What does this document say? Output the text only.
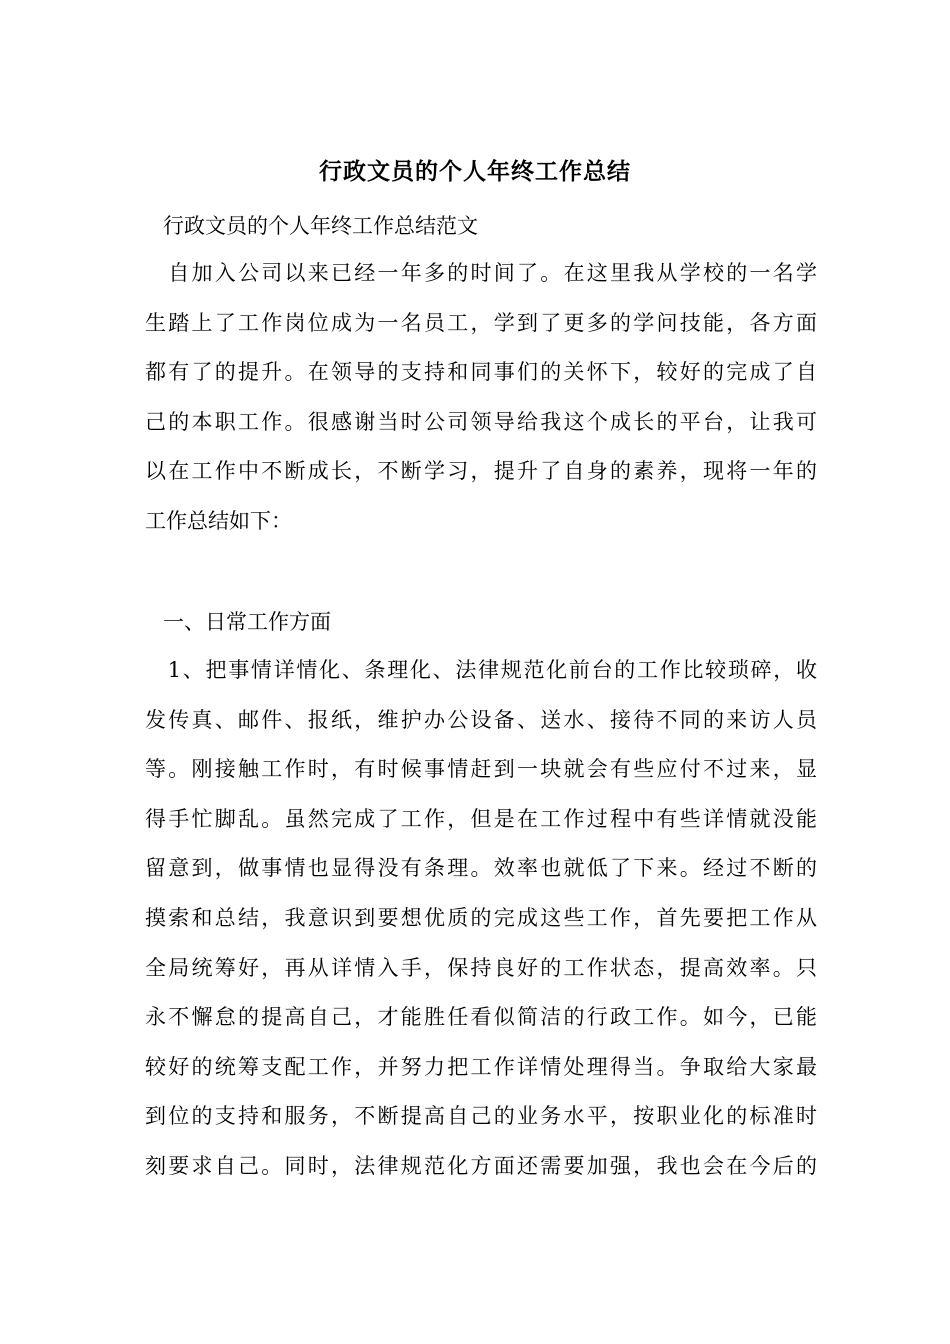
行政文员的个人年终工作总结
行政文员的个人年终工作总结范文
　自加入公司以来已经一年多的时间了。在这里我从学校的一名学
生踏上了工作岗位成为一名员工，学到了更多的学问技能，各方面
都有了的提升。在领导的支持和同事们的关怀下，较好的完成了自
己的本职工作。很感谢当时公司领导给我这个成长的平台，让我可
以在工作中不断成长，不断学习，提升了自身的素养，现将一年的
工作总结如下：
一、日常工作方面
　1、把事情详情化、条理化、法律规范化前台的工作比较琐碎，收
发传真、邮件、报纸，维护办公设备、送水、接待不同的来访人员
等。刚接触工作时，有时候事情赶到一块就会有些应付不过来，显
得手忙脚乱。虽然完成了工作，但是在工作过程中有些详情就没能
留意到，做事情也显得没有条理。效率也就低了下来。经过不断的
摸索和总结，我意识到要想优质的完成这些工作，首先要把工作从
全局统筹好，再从详情入手，保持良好的工作状态，提高效率。只
永不懈怠的提高自己，才能胜任看似简洁的行政工作。如今，已能
较好的统筹支配工作，并努力把工作详情处理得当。争取给大家最
到位的支持和服务，不断提高自己的业务水平，按职业化的标准时
刻要求自己。同时，法律规范化方面还需要加强，我也会在今后的
